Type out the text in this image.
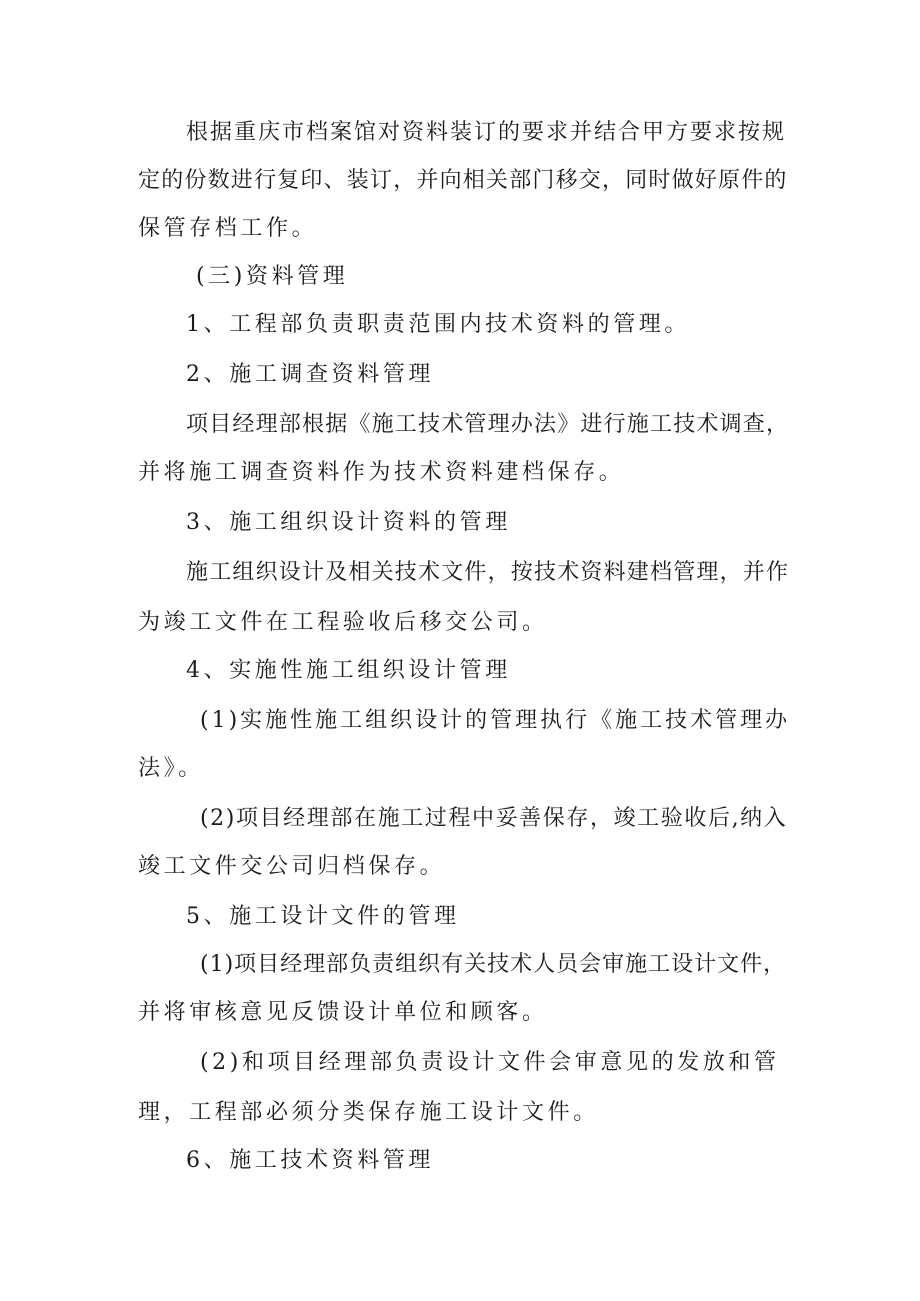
根据重庆市档案馆对资料装订的要求并结合甲方要求按规

定的份数进行复印、装订，并向相关部门移交，同时做好原件的

保管存档工作。

(三)资料管理

1、工程部负责职责范围内技术资料的管理。

2、施工调查资料管理

项目经理部根据《施工技术管理办法》进行施工技术调查，

并将施工调查资料作为技术资料建档保存。

3、施工组织设计资料的管理

施工组织设计及相关技术文件，按技术资料建档管理，并作

为竣工文件在工程验收后移交公司。

4、实施性施工组织设计管理

(1)实施性施工组织设计的管理执行《施工技术管理办

法》。

(2)项目经理部在施工过程中妥善保存，竣工验收后,纳入

竣工文件交公司归档保存。

5、施工设计文件的管理

(1)项目经理部负责组织有关技术人员会审施工设计文件，

并将审核意见反馈设计单位和顾客。

(2)和项目经理部负责设计文件会审意见的发放和管

理，工程部必须分类保存施工设计文件。

6、施工技术资料管理
